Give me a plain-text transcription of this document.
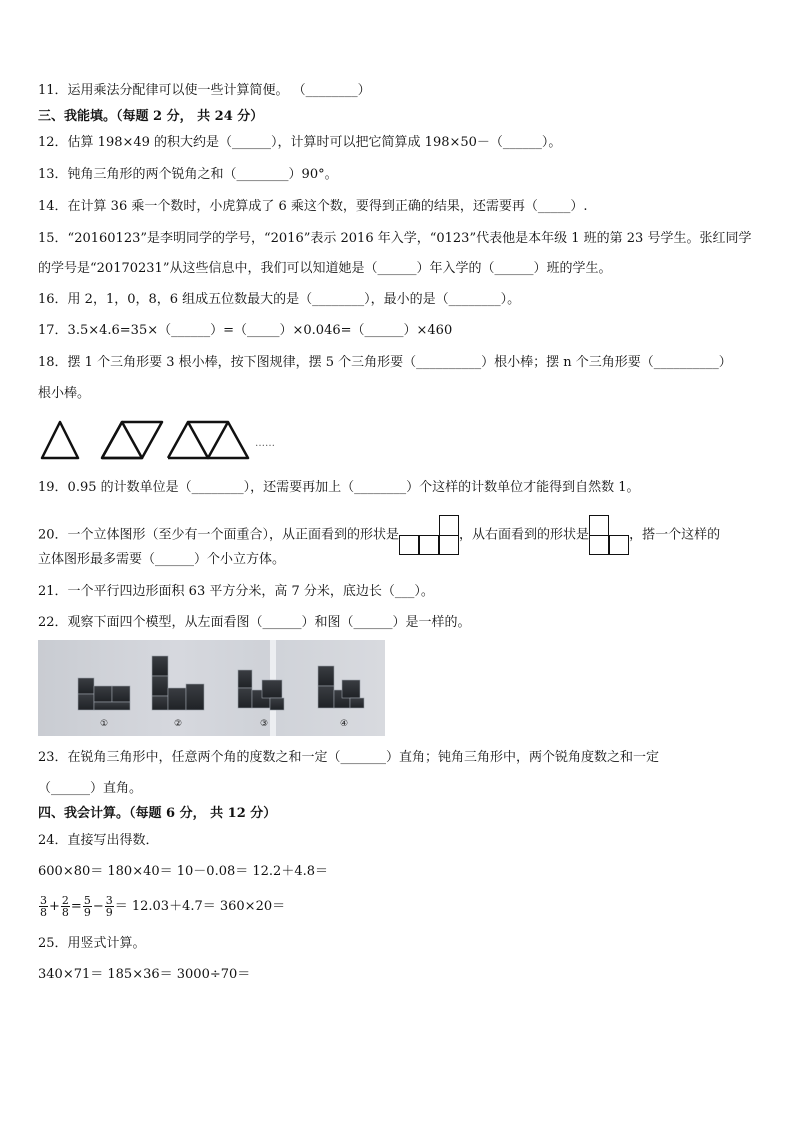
11．运用乘法分配律可以使一些计算简便。 （________）
三、我能填。（每题 2 分， 共 24 分）
12．估算 198×49 的积大约是（______），计算时可以把它简算成 198×50－（______）。
13．钝角三角形的两个锐角之和（________）90°。
14．在计算 36 乘一个数时，小虎算成了 6 乘这个数，要得到正确的结果，还需要再（_____）.
15．“20160123”是李明同学的学号，“2016”表示 2016 年入学，“0123”代表他是本年级 1 班的第 23 号学生。张红同学
的学号是“20170231”从这些信息中，我们可以知道她是（______）年入学的（______）班的学生。
16．用 2，1，0，8，6 组成五位数最大的是（________），最小的是（________）。
17．3.5×4.6=35×（______）=（_____）×0.046=（______）×460
18．摆 1 个三角形要 3 根小棒，按下图规律，摆 5 个三角形要（__________）根小棒；摆 n 个三角形要（__________）
根小棒。
……
19．0.95 的计数单位是（________），还需要再加上（________）个这样的计数单位才能得到自然数 1。
20．一个立体图形（至少有一个面重合），从正面看到的形状是	，从右面看到的形状是	，搭一个这样的
立体图形最多需要（______）个小立方体。
21．一个平行四边形面积 63 平方分米，高 7 分米，底边长（___）。
22．观察下面四个模型，从左面看图（______）和图（______）是一样的。
①	②	③	④
23．在锐角三角形中，任意两个角的度数之和一定（_______）直角；钝角三角形中，两个锐角度数之和一定
（______）直角。
四、我会计算。（每题 6 分， 共 12 分）
24．直接写出得数．
600×80＝ 180×40＝ 10－0.08＝ 12.2＋4.8＝
$\frac{3}{8} + \frac{2}{8} = \frac{5}{9} - \frac{3}{9} = 12.03+4.7= 360\times 20=$
25．用竖式计算。
340×71＝ 185×36＝ 3000÷70＝
